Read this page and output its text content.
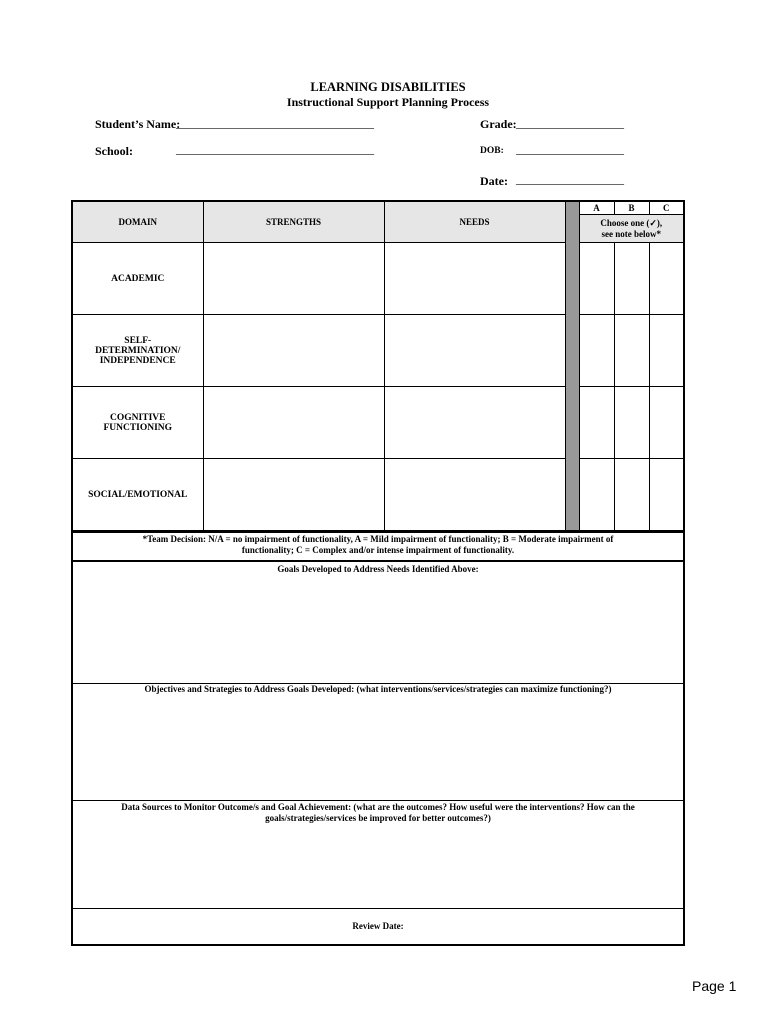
LEARNING DISABILITIES
Instructional Support Planning Process
Student’s Name:
_________________________________	Grade: __________________
School:	_________________________________	DOB: __________________
Date: __________________
DOMAIN	STRENGTHS	NEEDS		A	B	C
				Choose one (✓),
see note below*		
ACADEMIC						
SELF-
DETERMINATION/
INDEPENDENCE						
COGNITIVE
FUNCTIONING						
SOCIAL/EMOTIONAL						
*Team Decision: N/A = no impairment of functionality, A = Mild impairment of functionality; B = Moderate impairment of
functionality; C = Complex and/or intense impairment of functionality.
Goals Developed to Address Needs Identified Above:
Objectives and Strategies to Address Goals Developed: (what interventions/services/strategies can maximize functioning?)
Data Sources to Monitor Outcome/s and Goal Achievement: (what are the outcomes? How useful were the interventions? How can the
goals/strategies/services be improved for better outcomes?)
Review Date:
Page 1
